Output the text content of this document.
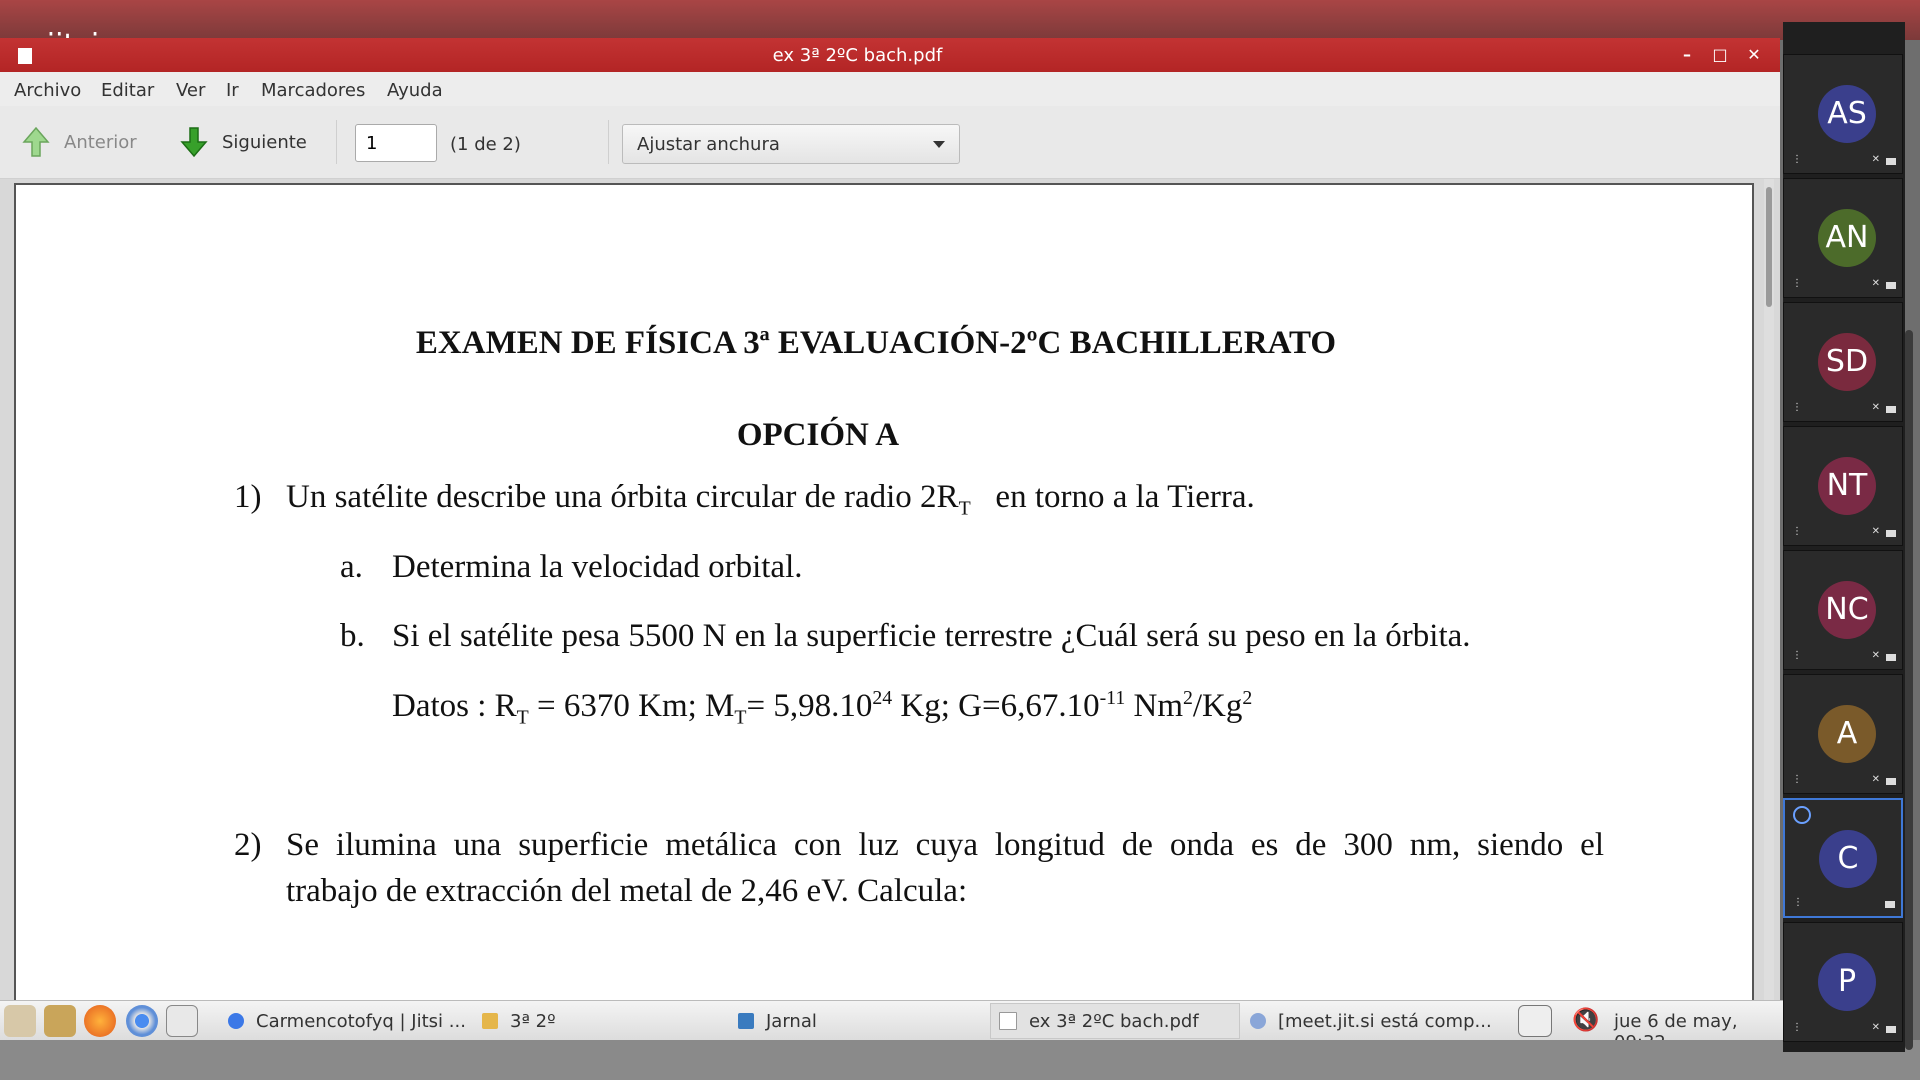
ex 3ª 2ºC bach.pdf	–	□ ✕
Archivo Editar Ver Ir Marcadores Ayuda
Anterior	Siguiente
1	(1 de 2)	Ajustar anchura
EXAMEN DE FÍSICA 3ª EVALUACIÓN-2ºC BACHILLERATO
OPCIÓN A
1) Un satélite describe una órbita circular de radio $2R_T$ en torno a la Tierra.
a. Determina la velocidad orbital.
b. Si el satélite pesa 5500 N en la superficie terrestre ¿Cuál será su peso en la órbita.
Datos : $R_T = 6370$ Km; $M_T= 5,98.10^{24}$ Kg; $G=6,67.10^{-11}$ Nm$^2$/Kg$^2$
2) Se ilumina una superficie metálica con luz cuya longitud de onda es de 300 nm, siendo el
trabajo de extracción del metal de 2,46 eV. Calcula:
Carmencotofyq | Jitsi ... 3ª 2º	Jarnal	ex 3ª 2ºC bach.pdf	[meet.jit.si está comp...	🔇 jue 6 de may,
AS
⋮	✕
AN
⋮	✕
SD
⋮	✕
NT
⋮	✕
NC
⋮	✕
A
⋮	✕
C
⋮
P
⋮	✕
